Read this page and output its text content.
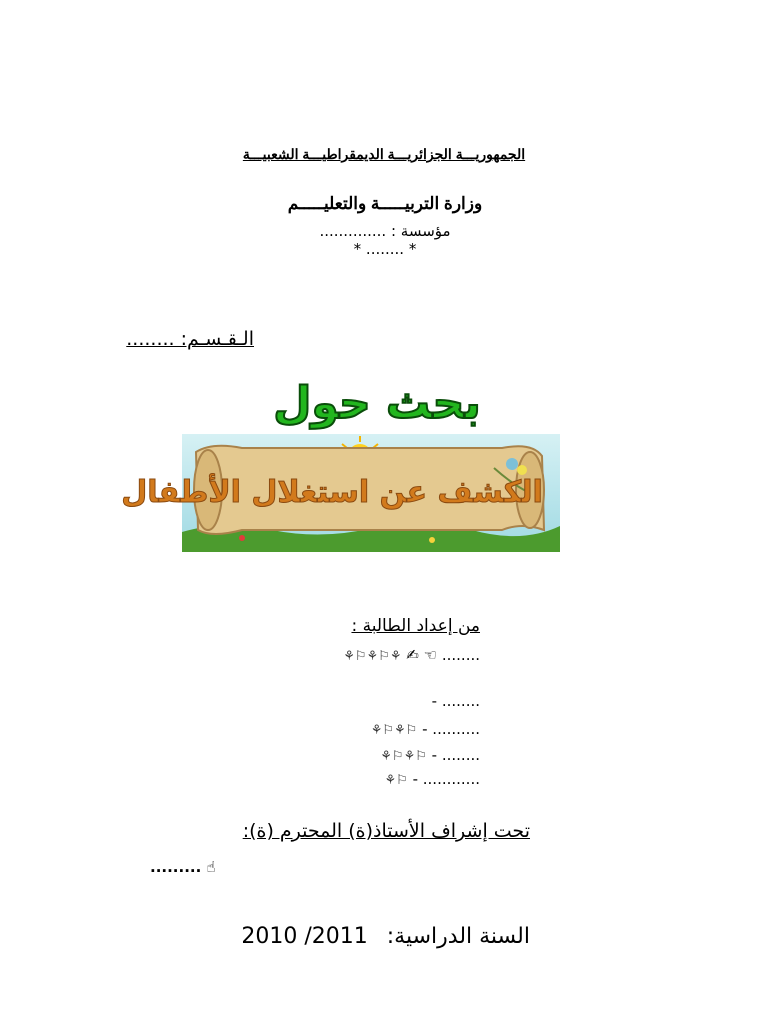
الجمهوريـــة الجزائريـــة الديمقراطيـــة الشعبيـــة
وزارة التربيـــــة والتعليـــــم
مؤسسة : ..............
* ........ *
الـقـسـم: ........
بحث حول
الكشف عن استغلال الأطفال
من إعداد الطالبة :
⚘⚐⚘⚐⚘ ✍ ☜ ........
- ........
⚘⚐⚘⚐ - ..........
⚘⚐⚘⚐ - ........
⚘⚐ - ............
تحت إشراف الأستاذ(ة) المحترم (ة):
......... ☝
السنة الدراسية: 2010 /2011
